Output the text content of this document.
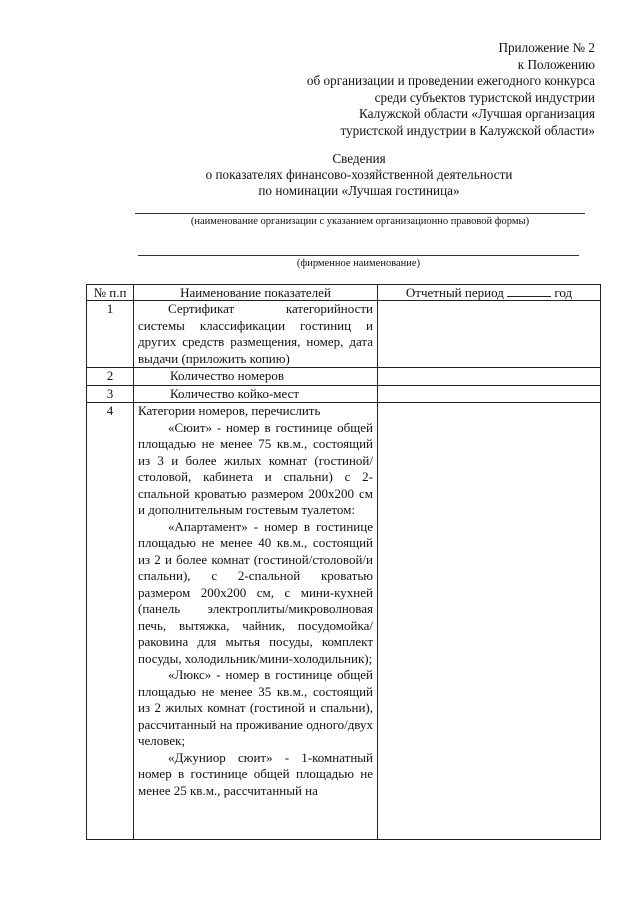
Приложение № 2
к Положению
об организации и проведении ежегодного конкурса
среди субъектов туристской индустрии
Калужской области «Лучшая организация
туристской индустрии в Калужской области»
Сведения
о показателях финансово-хозяйственной деятельности
по номинации «Лучшая гостиница»
(наименование организации с указанием организационно правовой формы)
(фирменное наименование)
№ п.п	Наименование показателей	Отчетный период год
1	Сертификат категорийности системы классификации гостиниц и других средств размещения, номер, дата выдачи (приложить копию)	
2	Количество номеров	
3	Количество койко-мест	

4	Категории номеров, перечислить
«Сюит» - номер в гостинице общей площадью не менее 75 кв.м., состоящий из 3 и более жилых комнат (гостиной/столовой, кабинета и спальни) с 2-спальной кроватью размером 200х200 см и дополнительным гостевым туалетом:
«Апартамент» - номер в гостинице площадью не менее 40 кв.м., состоящий из 2 и более комнат (гостиной/столовой/и спальни), с 2-спальной кроватью размером 200х200 см, с мини-кухней (панель электроплиты/микроволновая печь, вытяжка, чайник, посудомойка/раковина для мытья посуды, комплект посуды, холодильник/мини-холодильник);
«Люкс» - номер в гостинице общей площадью не менее 35 кв.м., состоящий из 2 жилых комнат (гостиной и спальни), рассчитанный на проживание одного/двух человек;
«Джуниор сюит» - 1-комнатный номер в гостинице общей площадью не менее 25 кв.м., рассчитанный на	
